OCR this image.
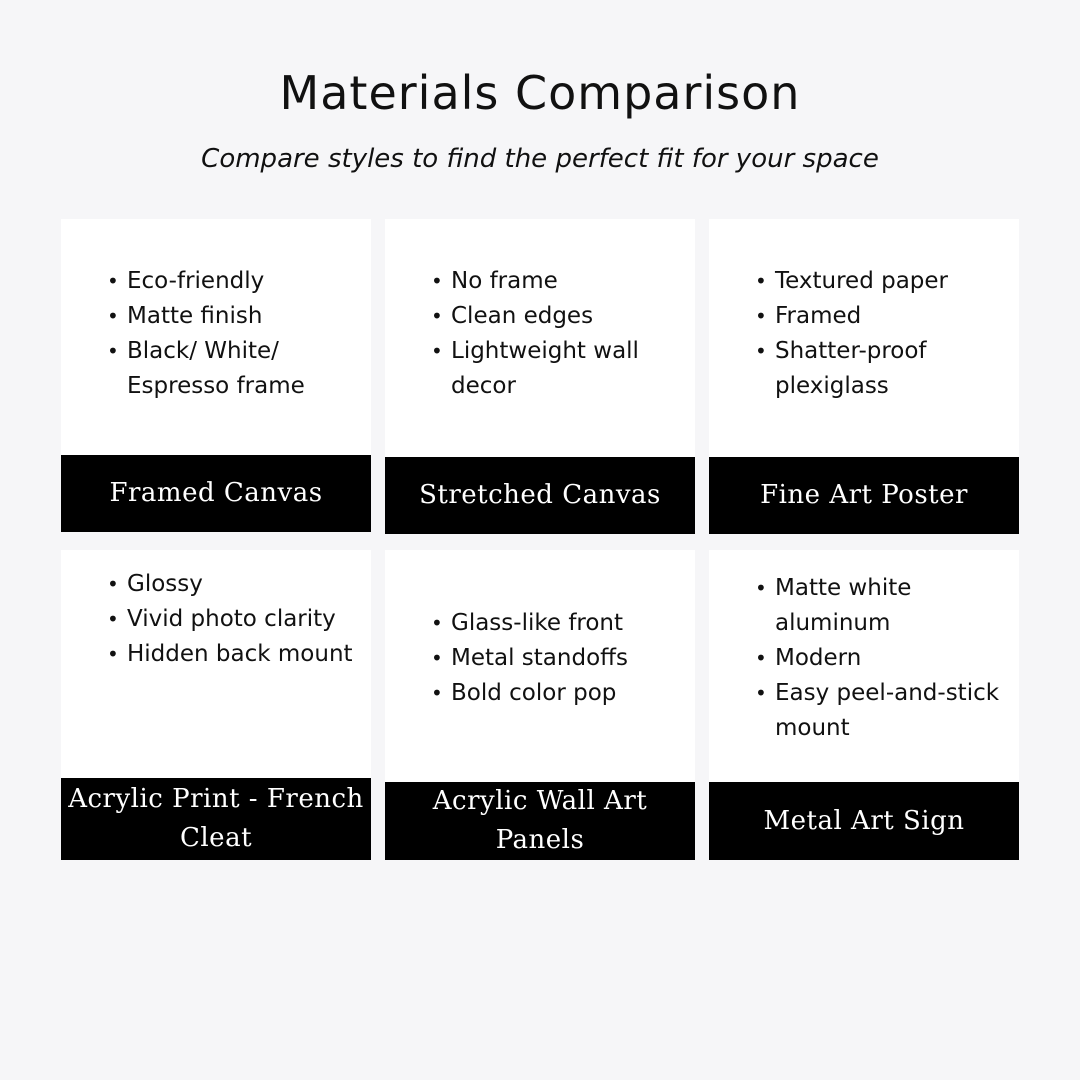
Materials Comparison

Compare styles to find the perfect fit for your space

• Eco-friendly
• Matte finish
• Black/ White/ Espresso frame
Framed Canvas
• No frame
• Clean edges
• Lightweight wall decor
Stretched Canvas
• Textured paper
• Framed
• Shatter-proof plexiglass
Fine Art Poster
• Glossy
• Vivid photo clarity
• Hidden back mount
Acrylic Print - French Cleat
• Glass-like front
• Metal standoffs
• Bold color pop
Acrylic Wall Art Panels
• Matte white aluminum
• Modern
• Easy peel-and-stick mount
Metal Art Sign
